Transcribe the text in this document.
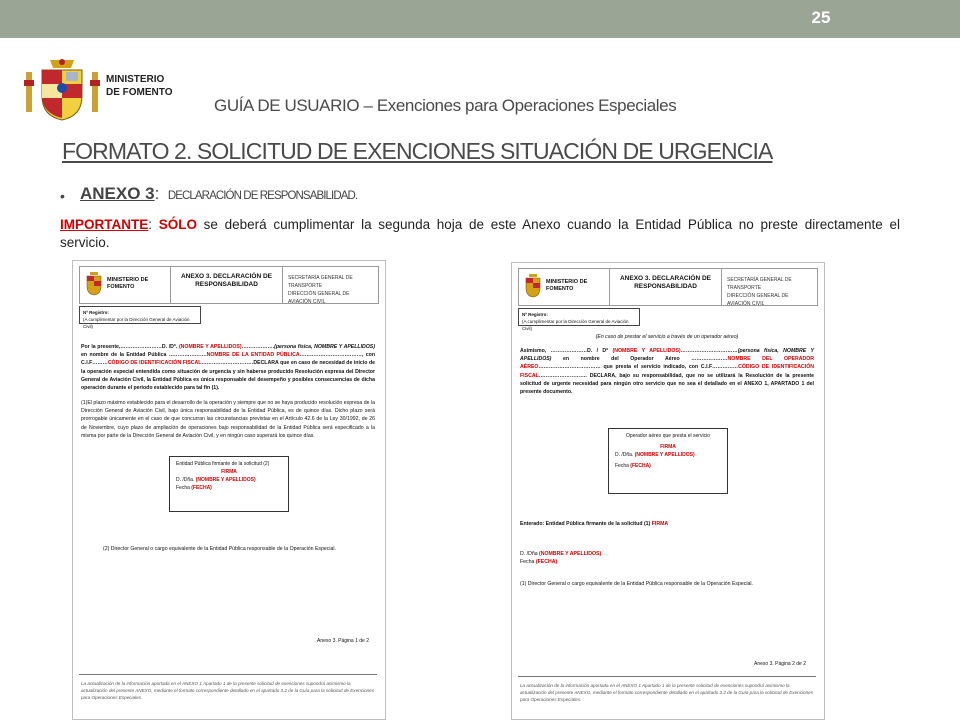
25
MINISTERIO
DE FOMENTO
GUÍA DE USUARIO – Exenciones para Operaciones Especiales
FORMATO 2. SOLICITUD DE EXENCIONES SITUACIÓN DE URGENCIA
• ANEXO 3: DECLARACIÓN DE RESPONSABILIDAD.
IMPORTANTE: SÓLO se deberá cumplimentar la segunda hoja de este Anexo cuando la Entidad Pública no preste directamente el servicio.
MINISTERIO DE FOMENTO
ANEXO 3. DECLARACIÓN DE RESPONSABILIDAD
SECRETARÍA GENERAL DE TRANSPORTE
DIRECCIÓN GENERAL DE AVIACIÓN CIVIL
Nº Registro:
(A cumplimentar por la Dirección General de Aviación Civil)
Por la presente,……………………D. /Dª. (NOMBRE Y APELLIDOS)……………….(persona física, NOMBRE Y APELLIDOS) en nombre de la Entidad Pública ………………….NOMBRE DE LA ENTIDAD PÚBLICA………………………………, con C.I.F………CÓDIGO DE IDENTIFICACIÓN FISCAL…………………………DECLARA que en caso de necesidad de inicio de la operación especial entendida como situación de urgencia y sin haberse producido Resolución expresa del Director General de Aviación Civil, la Entidad Pública es única responsable del desempeño y posibles consecuencias de dicha operación durante el periodo establecido para tal fin (1).
(1)El plazo máximo establecido para el desarrollo de la operación y siempre que no se haya producido resolución expresa de la Dirección General de Aviación Civil, bajo única responsabilidad de la Entidad Pública, es de quince días. Dicho plazo será prorrogable únicamente en el caso de que concurran las circunstancias previstas en el Artículo 42.6 de la Ley 30/1992, de 26 de Noviembre, cuyo plazo de ampliación de operaciones bajo responsabilidad de la Entidad Pública será especificado a la misma por parte de la Dirección General de Aviación Civil, y en ningún caso superará los quince días.
Entidad Pública firmante de la solicitud (2)
FIRMA
D. /Dña. (NOMBRE Y APELLIDOS)
Fecha (FECHA)
(2) Director General o cargo equivalente de la Entidad Pública responsable de la Operación Especial.
Anexo 3. Página 1 de 2
La actualización de la información aportada en el ANEXO 1 Apartado 1 de la presente solicitud de exenciones supondrá asimismo la actualización del presente ANEXO, mediante el formato correspondiente detallado en el apartado 3.2 de la Guía para la solicitud de Exenciones para Operaciones Especiales.
MINISTERIO DE FOMENTO
ANEXO 3. DECLARACIÓN DE RESPONSABILIDAD
SECRETARÍA GENERAL DE TRANSPORTE
DIRECCIÓN GENERAL DE AVIACIÓN CIVIL
Nº Registro:
(A cumplimentar por la Dirección General de Aviación Civil)
(En caso de prestar el servicio a través de un operador aéreo)
Asimismo, …………………D. / Dª (NOMBRE Y APELLIDOS)……………………………(persona física, NOMBRE Y APELLIDOS) en nombre del Operador Aéreo …………………NOMBRE DEL OPERADOR AÉREO……………………………… que presta el servicio indicado, con C.I.F……………CÓDIGO DE IDENTIFICACIÓN FISCAL………………………. DECLARA, bajo su responsabilidad, que no se utilizará la Resolución de la presente solicitud de urgente necesidad para ningún otro servicio que no sea el detallado en el ANEXO 1, APARTADO 1 del presente documento.
Operador aéreo que presta el servicio
FIRMA
D. /Dña. (NOMBRE Y APELLIDOS)
Fecha (FECHA)
Enterado: Entidad Pública firmante de la solicitud (1) FIRMA
D. /Dña (NOMBRE Y APELLIDOS)
Fecha (FECHA)
(1) Director General o cargo equivalente de la Entidad Pública responsable de la Operación Especial.
Anexo 3. Página 2 de 2
La actualización de la información aportada en el ANEXO 1 Apartado 1 de la presente solicitud de exenciones supondrá asimismo la actualización del presente ANEXO, mediante el formato correspondiente detallado en el apartado 3.2 de la Guía para la solicitud de Exenciones para Operaciones Especiales.
